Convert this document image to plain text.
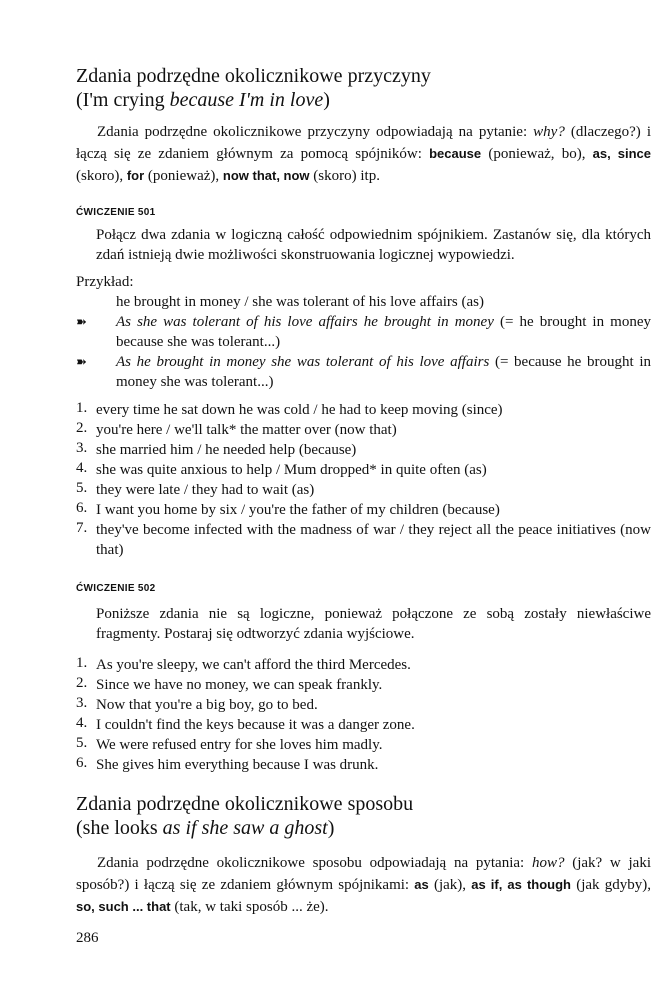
Zdania podrzędne okolicznikowe przyczyny
(I'm crying because I'm in love)
Zdania podrzędne okolicznikowe przyczyny odpowiadają na pytanie: why? (dlaczego?) i łączą się ze zdaniem głównym za pomocą spójników: because (ponieważ, bo), as, since (skoro), for (ponieważ), now that, now (skoro) itp.
ĆWICZENIE 501
Połącz dwa zdania w logiczną całość odpowiednim spójnikiem. Zastanów się, dla których zdań istnieją dwie możliwości skonstruowania logicznej wypowiedzi.
Przykład:
he brought in money / she was tolerant of his love affairs (as)
➽ As she was tolerant of his love affairs he brought in money (= he brought in money because she was tolerant...)
➽ As he brought in money she was tolerant of his love affairs (= because he brought in money she was tolerant...)
1. every time he sat down he was cold / he had to keep moving (since)
2. you're here / we'll talk* the matter over (now that)
3. she married him / he needed help (because)
4. she was quite anxious to help / Mum dropped* in quite often (as)
5. they were late / they had to wait (as)
6. I want you home by six / you're the father of my children (because)
7. they've become infected with the madness of war / they reject all the peace initiatives (now that)
ĆWICZENIE 502
Poniższe zdania nie są logiczne, ponieważ połączone ze sobą zostały niewłaściwe fragmenty. Postaraj się odtworzyć zdania wyjściowe.
1. As you're sleepy, we can't afford the third Mercedes.
2. Since we have no money, we can speak frankly.
3. Now that you're a big boy, go to bed.
4. I couldn't find the keys because it was a danger zone.
5. We were refused entry for she loves him madly.
6. She gives him everything because I was drunk.
Zdania podrzędne okolicznikowe sposobu
(she looks as if she saw a ghost)
Zdania podrzędne okolicznikowe sposobu odpowiadają na pytania: how? (jak? w jaki sposób?) i łączą się ze zdaniem głównym spójnikami: as (jak), as if, as though (jak gdyby), so, such ... that (tak, w taki sposób ... że).
286
